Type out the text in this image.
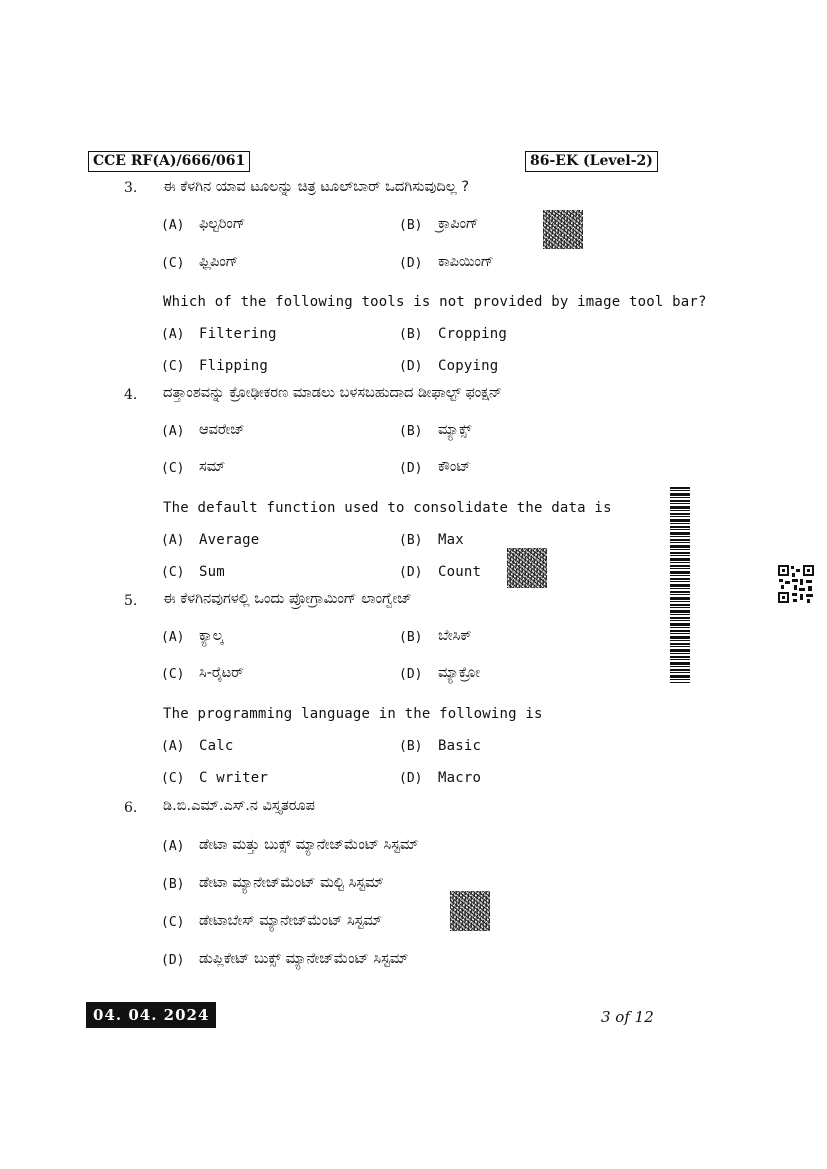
CCE RF(A)/666/061	86-EK (Level-2)
3. ಈ ಕೆಳಗಿನ ಯಾವ ಟೂಲನ್ನು ಚಿತ್ರ ಟೂಲ್‌ಬಾರ್ ಒದಗಿಸುವುದಿಲ್ಲ ?
(A) ಫಿಲ್ಟರಿಂಗ್	(B) ಕ್ರಾಪಿಂಗ್
(C) ಫ್ಲಿಪಿಂಗ್	(D) ಕಾಪಿಯಿಂಗ್
Which of the following tools is not provided by image tool bar?
(A) Filtering	(B) Cropping
(C) Flipping	(D) Copying
4. ದತ್ತಾಂಶವನ್ನು ಕ್ರೋಢೀಕರಣ ಮಾಡಲು ಬಳಸಬಹುದಾದ ಡೀಫಾಲ್ಟ್ ಫಂಕ್ಷನ್
(A) ಆವರೇಜ್	(B) ಮ್ಯಾಕ್ಸ್
(C) ಸಮ್	(D) ಕೌಂಟ್
The default function used to consolidate the data is
(A) Average	(B) Max
(C) Sum	(D) Count
5. ಈ ಕೆಳಗಿನವುಗಳಲ್ಲಿ ಒಂದು ಪ್ರೋಗ್ರಾಮಿಂಗ್ ಲಾಂಗ್ವೇಜ್
(A) ಕ್ಯಾಲ್ಕ	(B) ಬೇಸಿಕ್
(C) ಸಿ-ರೈಟರ್	(D) ಮ್ಯಾಕ್ರೋ
The programming language in the following is
(A) Calc	(B) Basic
(C) C writer	(D) Macro
6. ಡಿ.ಬಿ.ಎಮ್.ಎಸ್.ನ ವಿಸ್ತೃತರೂಪ
(A) ಡೇಟಾ ಮತ್ತು ಬುಕ್ಸ್ ಮ್ಯಾನೇಜ್‌ಮೆಂಟ್ ಸಿಸ್ಟಮ್
(B) ಡೇಟಾ ಮ್ಯಾನೇಜ್‌ಮೆಂಟ್ ಮಲ್ಟಿ ಸಿಸ್ಟಮ್
(C) ಡೇಟಾಬೇಸ್ ಮ್ಯಾನೇಜ್‌ಮೆಂಟ್ ಸಿಸ್ಟಮ್
(D) ಡುಪ್ಲಿಕೇಟ್ ಬುಕ್ಸ್ ಮ್ಯಾನೇಜ್‌ಮೆಂಟ್ ಸಿಸ್ಟಮ್
04. 04. 2024	3 of 12
